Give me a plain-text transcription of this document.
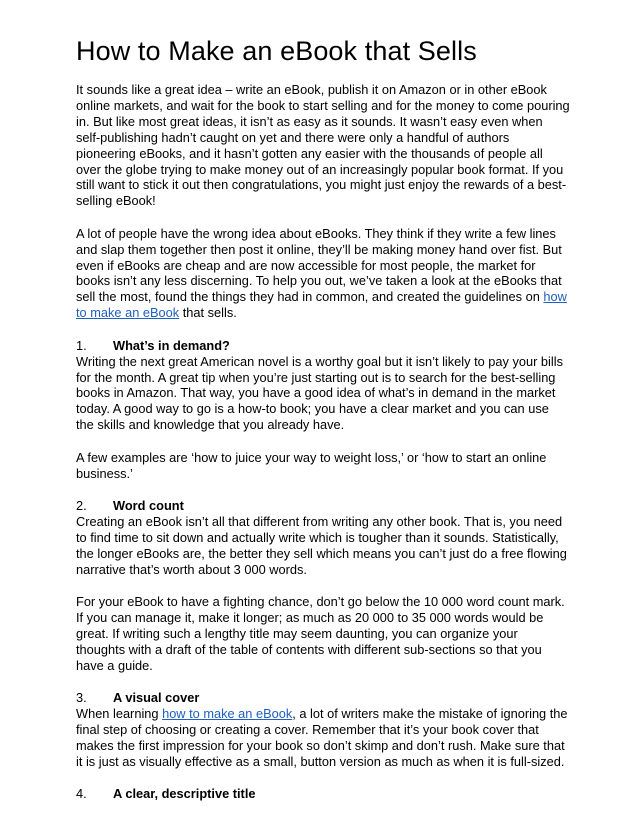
How to Make an eBook that Sells

It sounds like a great idea – write an eBook, publish it on Amazon or in other eBook online markets, and wait for the book to start selling and for the money to come pouring in. But like most great ideas, it isn’t as easy as it sounds. It wasn’t easy even when self-publishing hadn’t caught on yet and there were only a handful of authors pioneering eBooks, and it hasn’t gotten any easier with the thousands of people all over the globe trying to make money out of an increasingly popular book format. If you still want to stick it out then congratulations, you might just enjoy the rewards of a best-selling eBook!

A lot of people have the wrong idea about eBooks. They think if they write a few lines and slap them together then post it online, they’ll be making money hand over fist. But even if eBooks are cheap and are now accessible for most people, the market for books isn’t any less discerning. To help you out, we’ve taken a look at the eBooks that sell the most, found the things they had in common, and created the guidelines on how to make an eBook that sells.

1. What’s in demand?

Writing the next great American novel is a worthy goal but it isn’t likely to pay your bills for the month. A great tip when you’re just starting out is to search for the best-selling books in Amazon. That way, you have a good idea of what’s in demand in the market today. A good way to go is a how-to book; you have a clear market and you can use the skills and knowledge that you already have.

A few examples are ‘how to juice your way to weight loss,’ or ‘how to start an online business.’

2. Word count

Creating an eBook isn’t all that different from writing any other book. That is, you need to find time to sit down and actually write which is tougher than it sounds. Statistically, the longer eBooks are, the better they sell which means you can’t just do a free flowing narrative that’s worth about 3 000 words.

For your eBook to have a fighting chance, don’t go below the 10 000 word count mark. If you can manage it, make it longer; as much as 20 000 to 35 000 words would be great. If writing such a lengthy title may seem daunting, you can organize your thoughts with a draft of the table of contents with different sub-sections so that you have a guide.

3. A visual cover

When learning how to make an eBook, a lot of writers make the mistake of ignoring the final step of choosing or creating a cover. Remember that it’s your book cover that makes the first impression for your book so don’t skimp and don’t rush. Make sure that it is just as visually effective as a small, button version as much as when it is full-sized.

4. A clear, descriptive title
